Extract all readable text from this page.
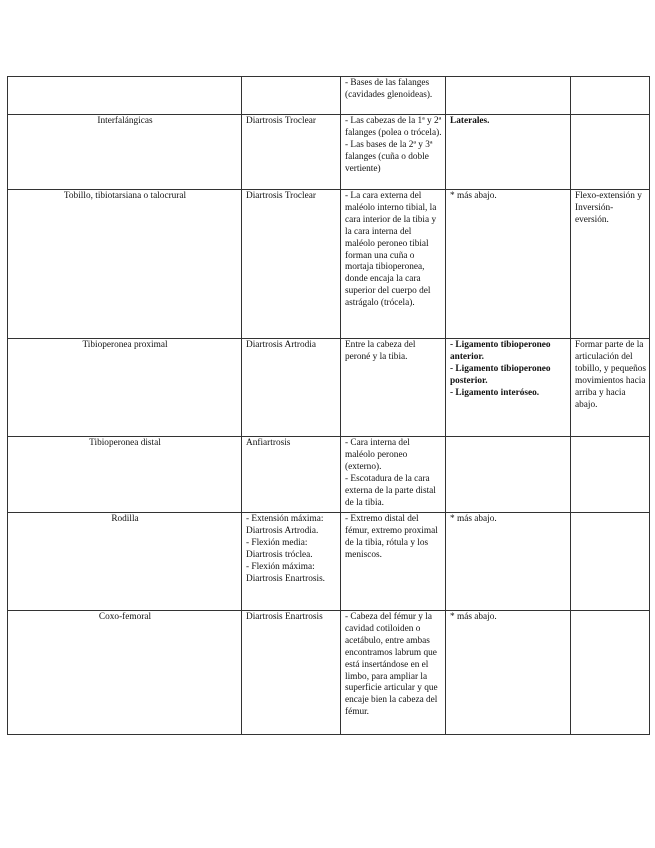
		- Bases de las falanges (cavidades glenoideas).		

Interfalángicas	Diartrosis Troclear	- Las cabezas de la 1ª y 2ª falanges (polea o trócela).
- Las bases de la 2ª y 3ª falanges (cuña o doble vertiente)	Laterales.	

Tobillo, tibiotarsiana o talocrural	Diartrosis Troclear	- La cara externa del maléolo interno tibial, la cara interior de la tibia y la cara interna del maléolo peroneo tibial forman una cuña o mortaja tibioperonea, donde encaja la cara superior del cuerpo del astrágalo (trócela).	* más abajo.	Flexo-extensión y Inversión-eversión.
Tibioperonea proximal	Diartrosis Artrodia	Entre la cabeza del peroné y la tibia.	- Ligamento tibioperoneo anterior.
- Ligamento tibioperoneo posterior.
- Ligamento interóseo.	Formar parte de la articulación del tobillo, y pequeños movimientos hacia arriba y hacia abajo.
Tibioperonea distal	Anfiartrosis	- Cara interna del maléolo peroneo (externo).
- Escotadura de la cara externa de la parte distal de la tibia.		

Rodilla	- Extensión máxima: Diartrosis Artrodia.
- Flexión media: Diartrosis tróclea.
- Flexión máxima: Diartrosis Enartrosis.	- Extremo distal del fémur, extremo proximal de la tibia, rótula y los meniscos.	* más abajo.	

Coxo-femoral	Diartrosis Enartrosis	- Cabeza del fémur y la cavidad cotiloiden o acetábulo, entre ambas encontramos labrum que está insertándose en el limbo, para ampliar la superficie articular y que encaje bien la cabeza del fémur.	* más abajo.	
